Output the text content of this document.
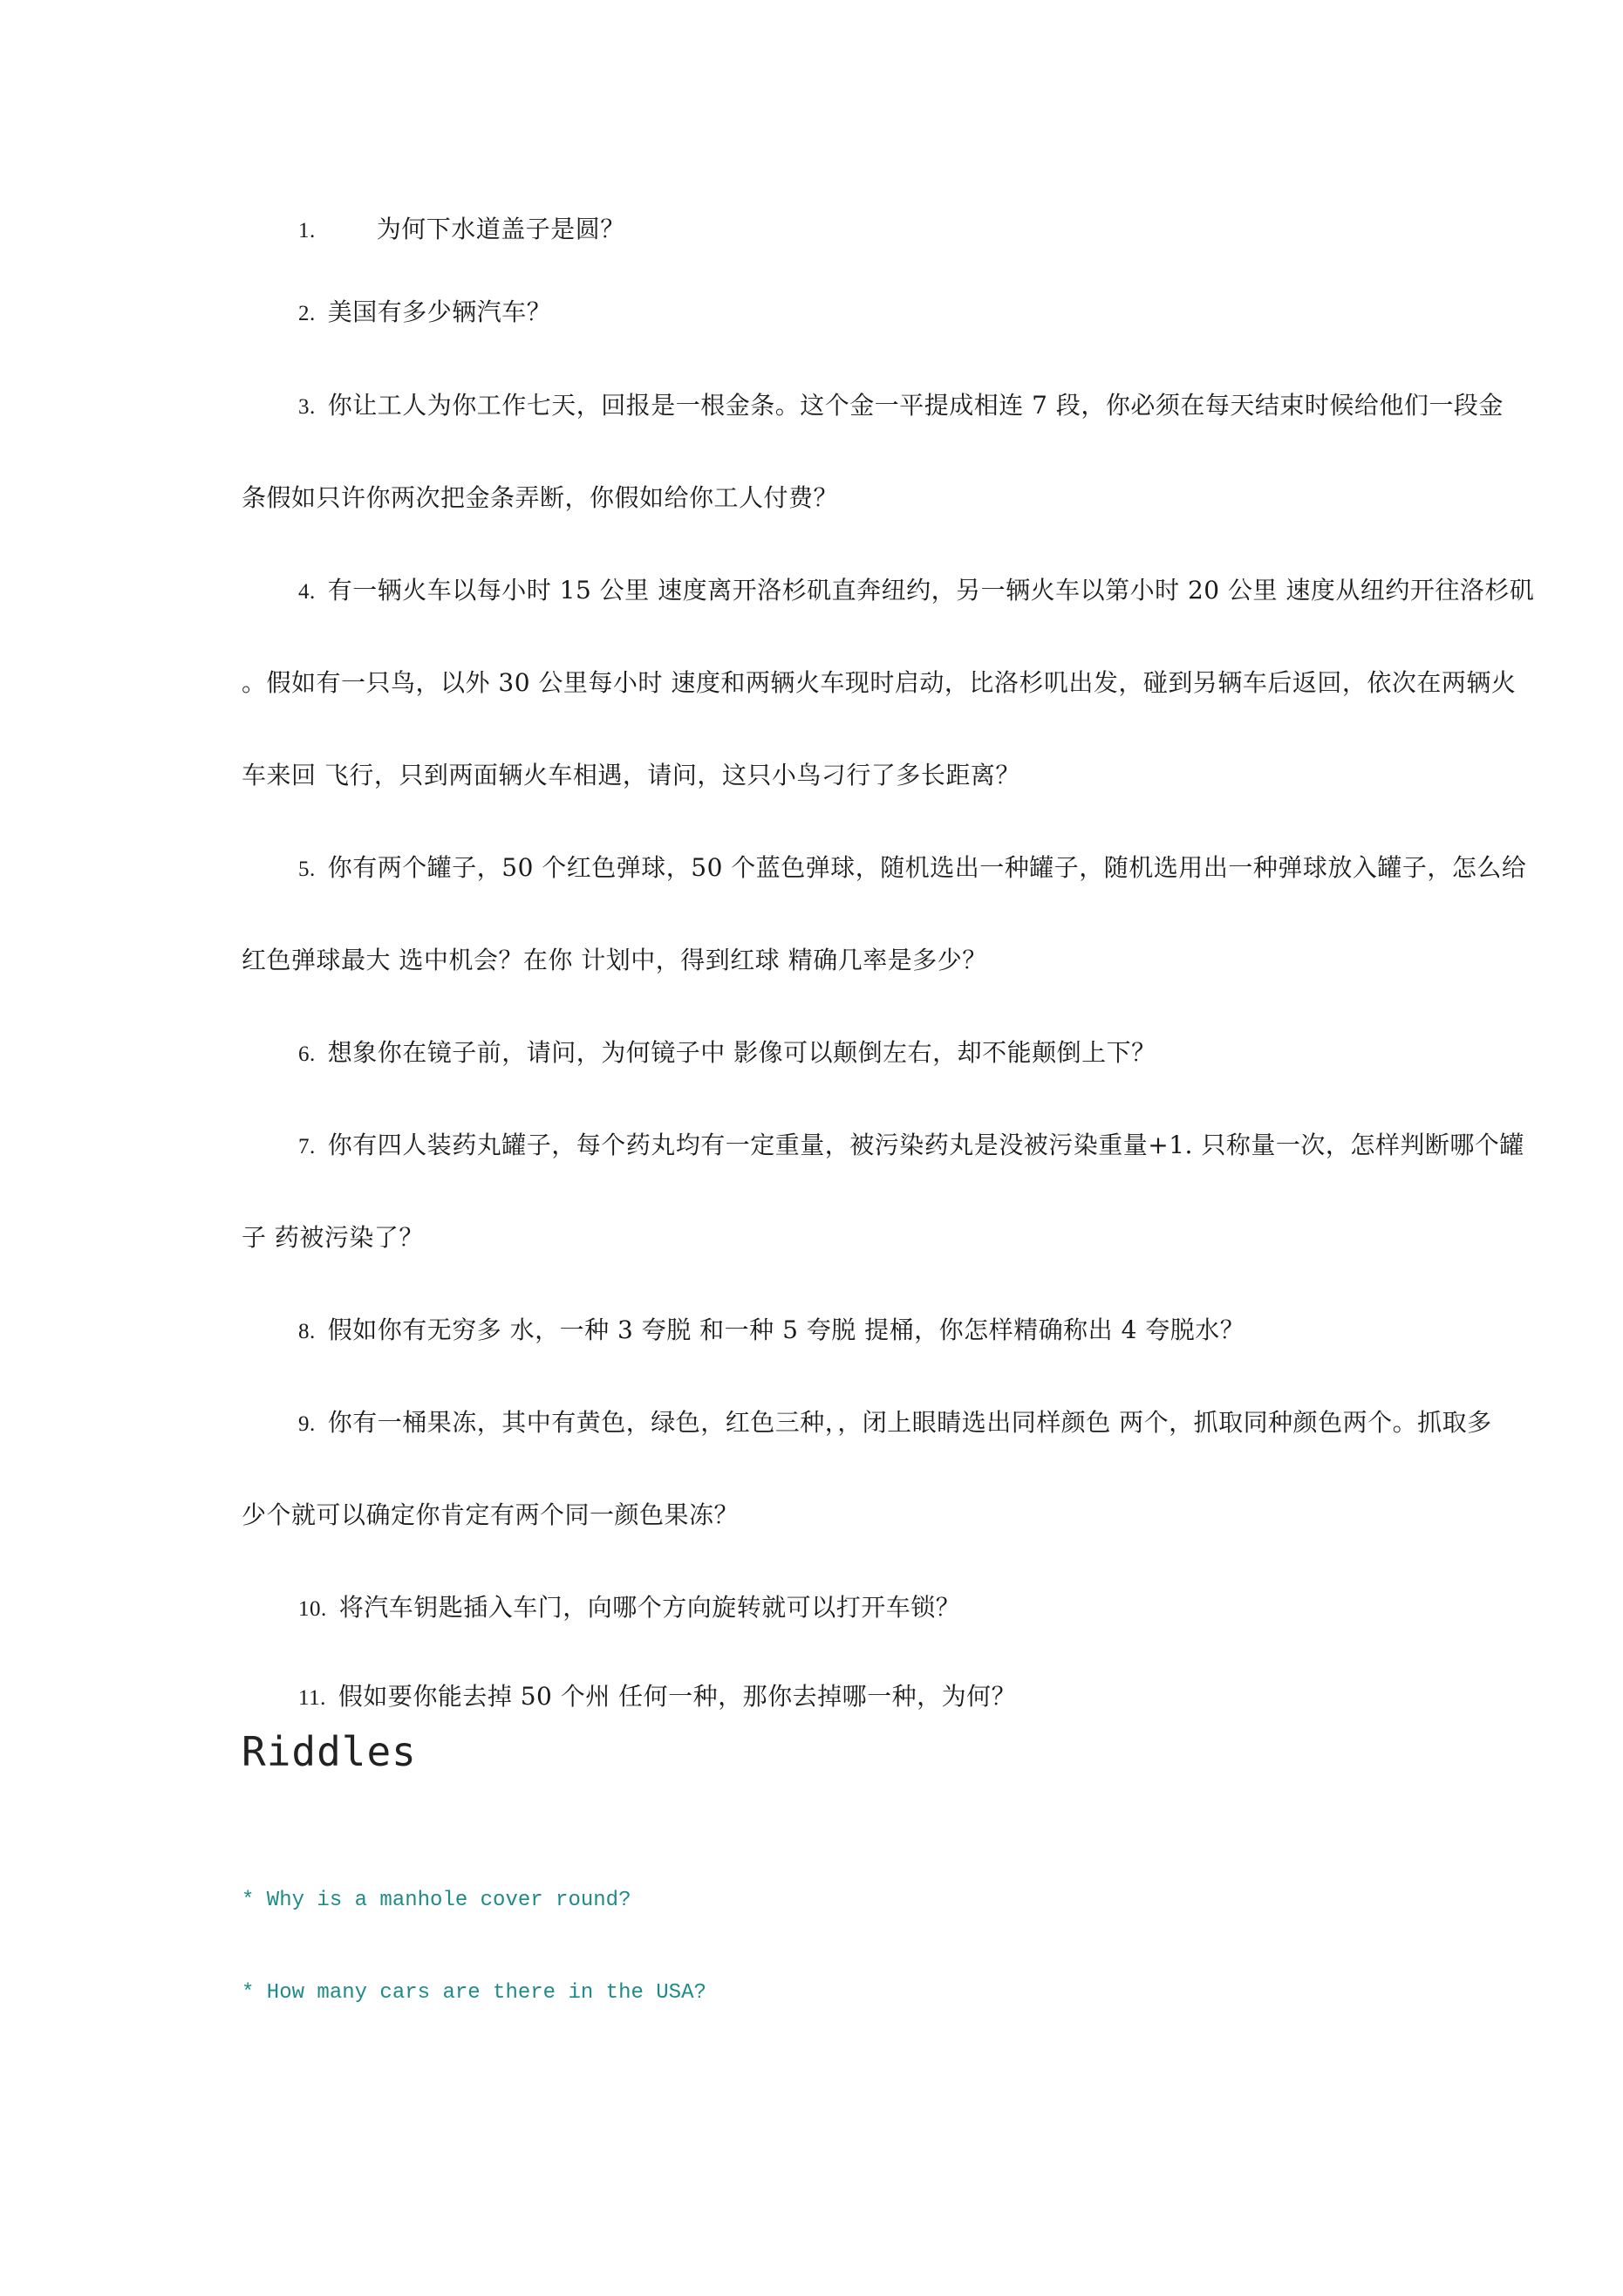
1.	为何下水道盖子是圆？
2. 美国有多少辆汽车？
3. 你让工人为你工作七天，回报是一根金条。这个金一平提成相连 7 段，你必须在每天结束时候给他们一段金
条假如只许你两次把金条弄断，你假如给你工人付费？
4. 有一辆火车以每小时 15 公里 速度离开洛杉矶直奔纽约，另一辆火车以第小时 20 公里 速度从纽约开往洛杉矶
。假如有一只鸟，以外 30 公里每小时 速度和两辆火车现时启动，比洛杉叽出发，碰到另辆车后返回，依次在两辆火
车来回 飞行，只到两面辆火车相遇，请问，这只小鸟刁行了多长距离？
5. 你有两个罐子，50 个红色弹球，50 个蓝色弹球，随机选出一种罐子，随机选用出一种弹球放入罐子，怎么给
红色弹球最大 选中机会？在你 计划中，得到红球 精确几率是多少？
6. 想象你在镜子前，请问，为何镜子中 影像可以颠倒左右，却不能颠倒上下？
7. 你有四人装药丸罐子，每个药丸均有一定重量，被污染药丸是没被污染重量+1. 只称量一次，怎样判断哪个罐
子 药被污染了？
8. 假如你有无穷多 水，一种 3 夸脱 和一种 5 夸脱 提桶，你怎样精确称出 4 夸脱水？
9. 你有一桶果冻，其中有黄色，绿色，红色三种，，闭上眼睛选出同样颜色 两个，抓取同种颜色两个。抓取多
少个就可以确定你肯定有两个同一颜色果冻？
10. 将汽车钥匙插入车门，向哪个方向旋转就可以打开车锁？
11. 假如要你能去掉 50 个州 任何一种，那你去掉哪一种，为何？
Riddles
* Why is a manhole cover round?
* How many cars are there in the USA?
